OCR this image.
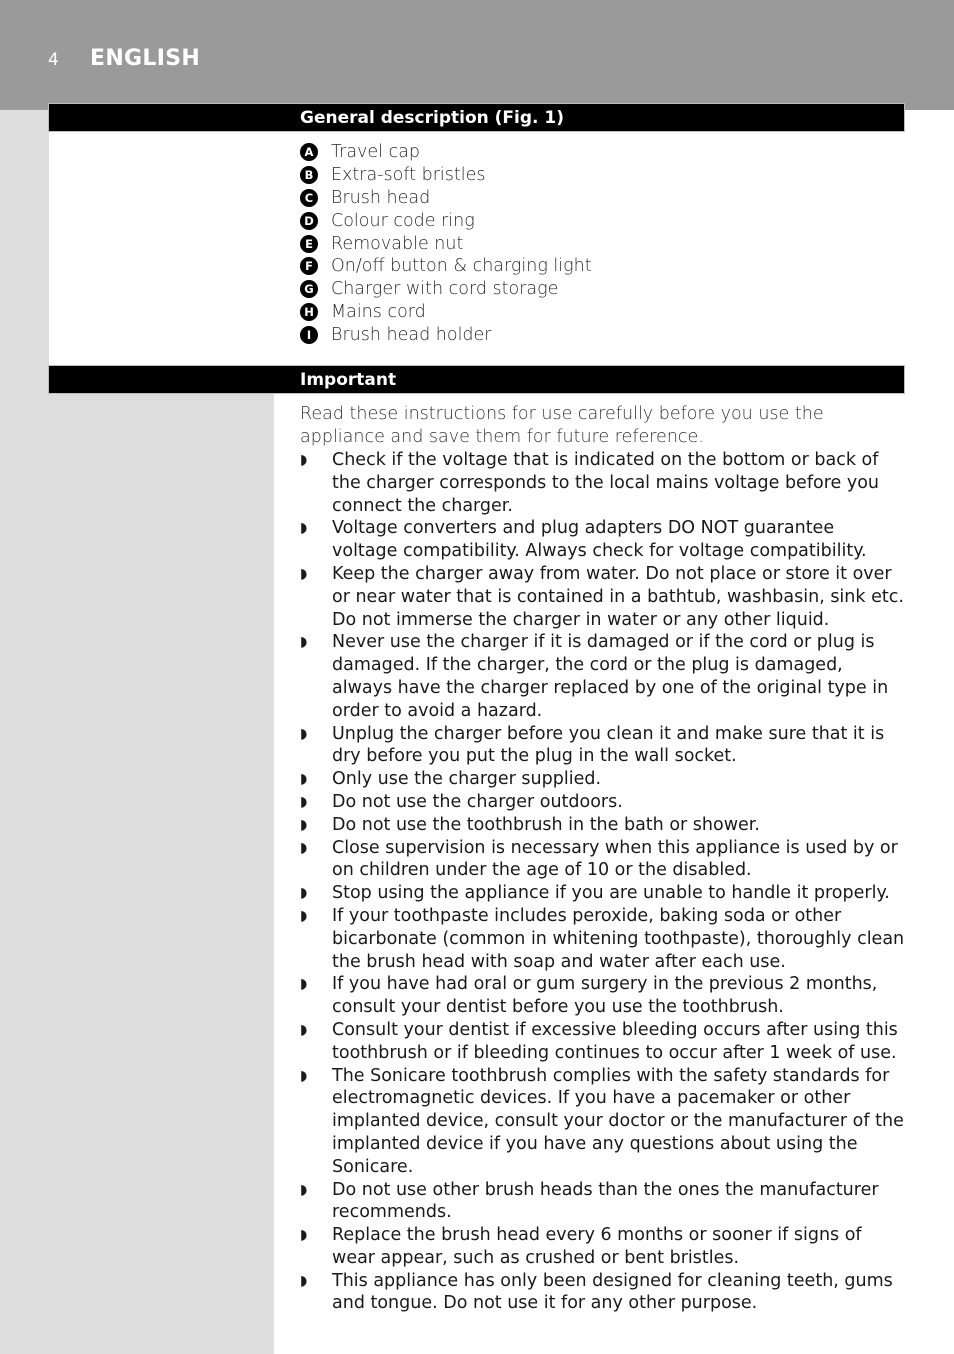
4 ENGLISH
General description (Fig. 1)
A Travel cap
B Extra-soft bristles
C Brush head
D Colour code ring
E Removable nut
F On/off button & charging light
G Charger with cord storage
H Mains cord
I	Brush head holder
Important

Read these instructions for use carefully before you use the appliance and save them for future reference.

◗ Check if the voltage that is indicated on the bottom or back of the charger corresponds to the local mains voltage before you connect the charger.
◗ Voltage converters and plug adapters DO NOT guarantee voltage compatibility. Always check for voltage compatibility.
◗ Keep the charger away from water. Do not place or store it over or near water that is contained in a bathtub, washbasin, sink etc. Do not immerse the charger in water or any other liquid.
◗ Never use the charger if it is damaged or if the cord or plug is damaged. If the charger, the cord or the plug is damaged, always have the charger replaced by one of the original type in order to avoid a hazard.
◗ Unplug the charger before you clean it and make sure that it is dry before you put the plug in the wall socket.
◗ Only use the charger supplied.
◗ Do not use the charger outdoors.
◗ Do not use the toothbrush in the bath or shower.
◗ Close supervision is necessary when this appliance is used by or on children under the age of 10 or the disabled.
◗ Stop using the appliance if you are unable to handle it properly.
◗ If your toothpaste includes peroxide, baking soda or other bicarbonate (common in whitening toothpaste), thoroughly clean the brush head with soap and water after each use.
◗ If you have had oral or gum surgery in the previous 2 months, consult your dentist before you use the toothbrush.
◗ Consult your dentist if excessive bleeding occurs after using this toothbrush or if bleeding continues to occur after 1 week of use.
◗ The Sonicare toothbrush complies with the safety standards for electromagnetic devices. If you have a pacemaker or other implanted device, consult your doctor or the manufacturer of the implanted device if you have any questions about using the Sonicare.
◗ Do not use other brush heads than the ones the manufacturer recommends.
◗ Replace the brush head every 6 months or sooner if signs of wear appear, such as crushed or bent bristles.
◗ This appliance has only been designed for cleaning teeth, gums and tongue. Do not use it for any other purpose.
